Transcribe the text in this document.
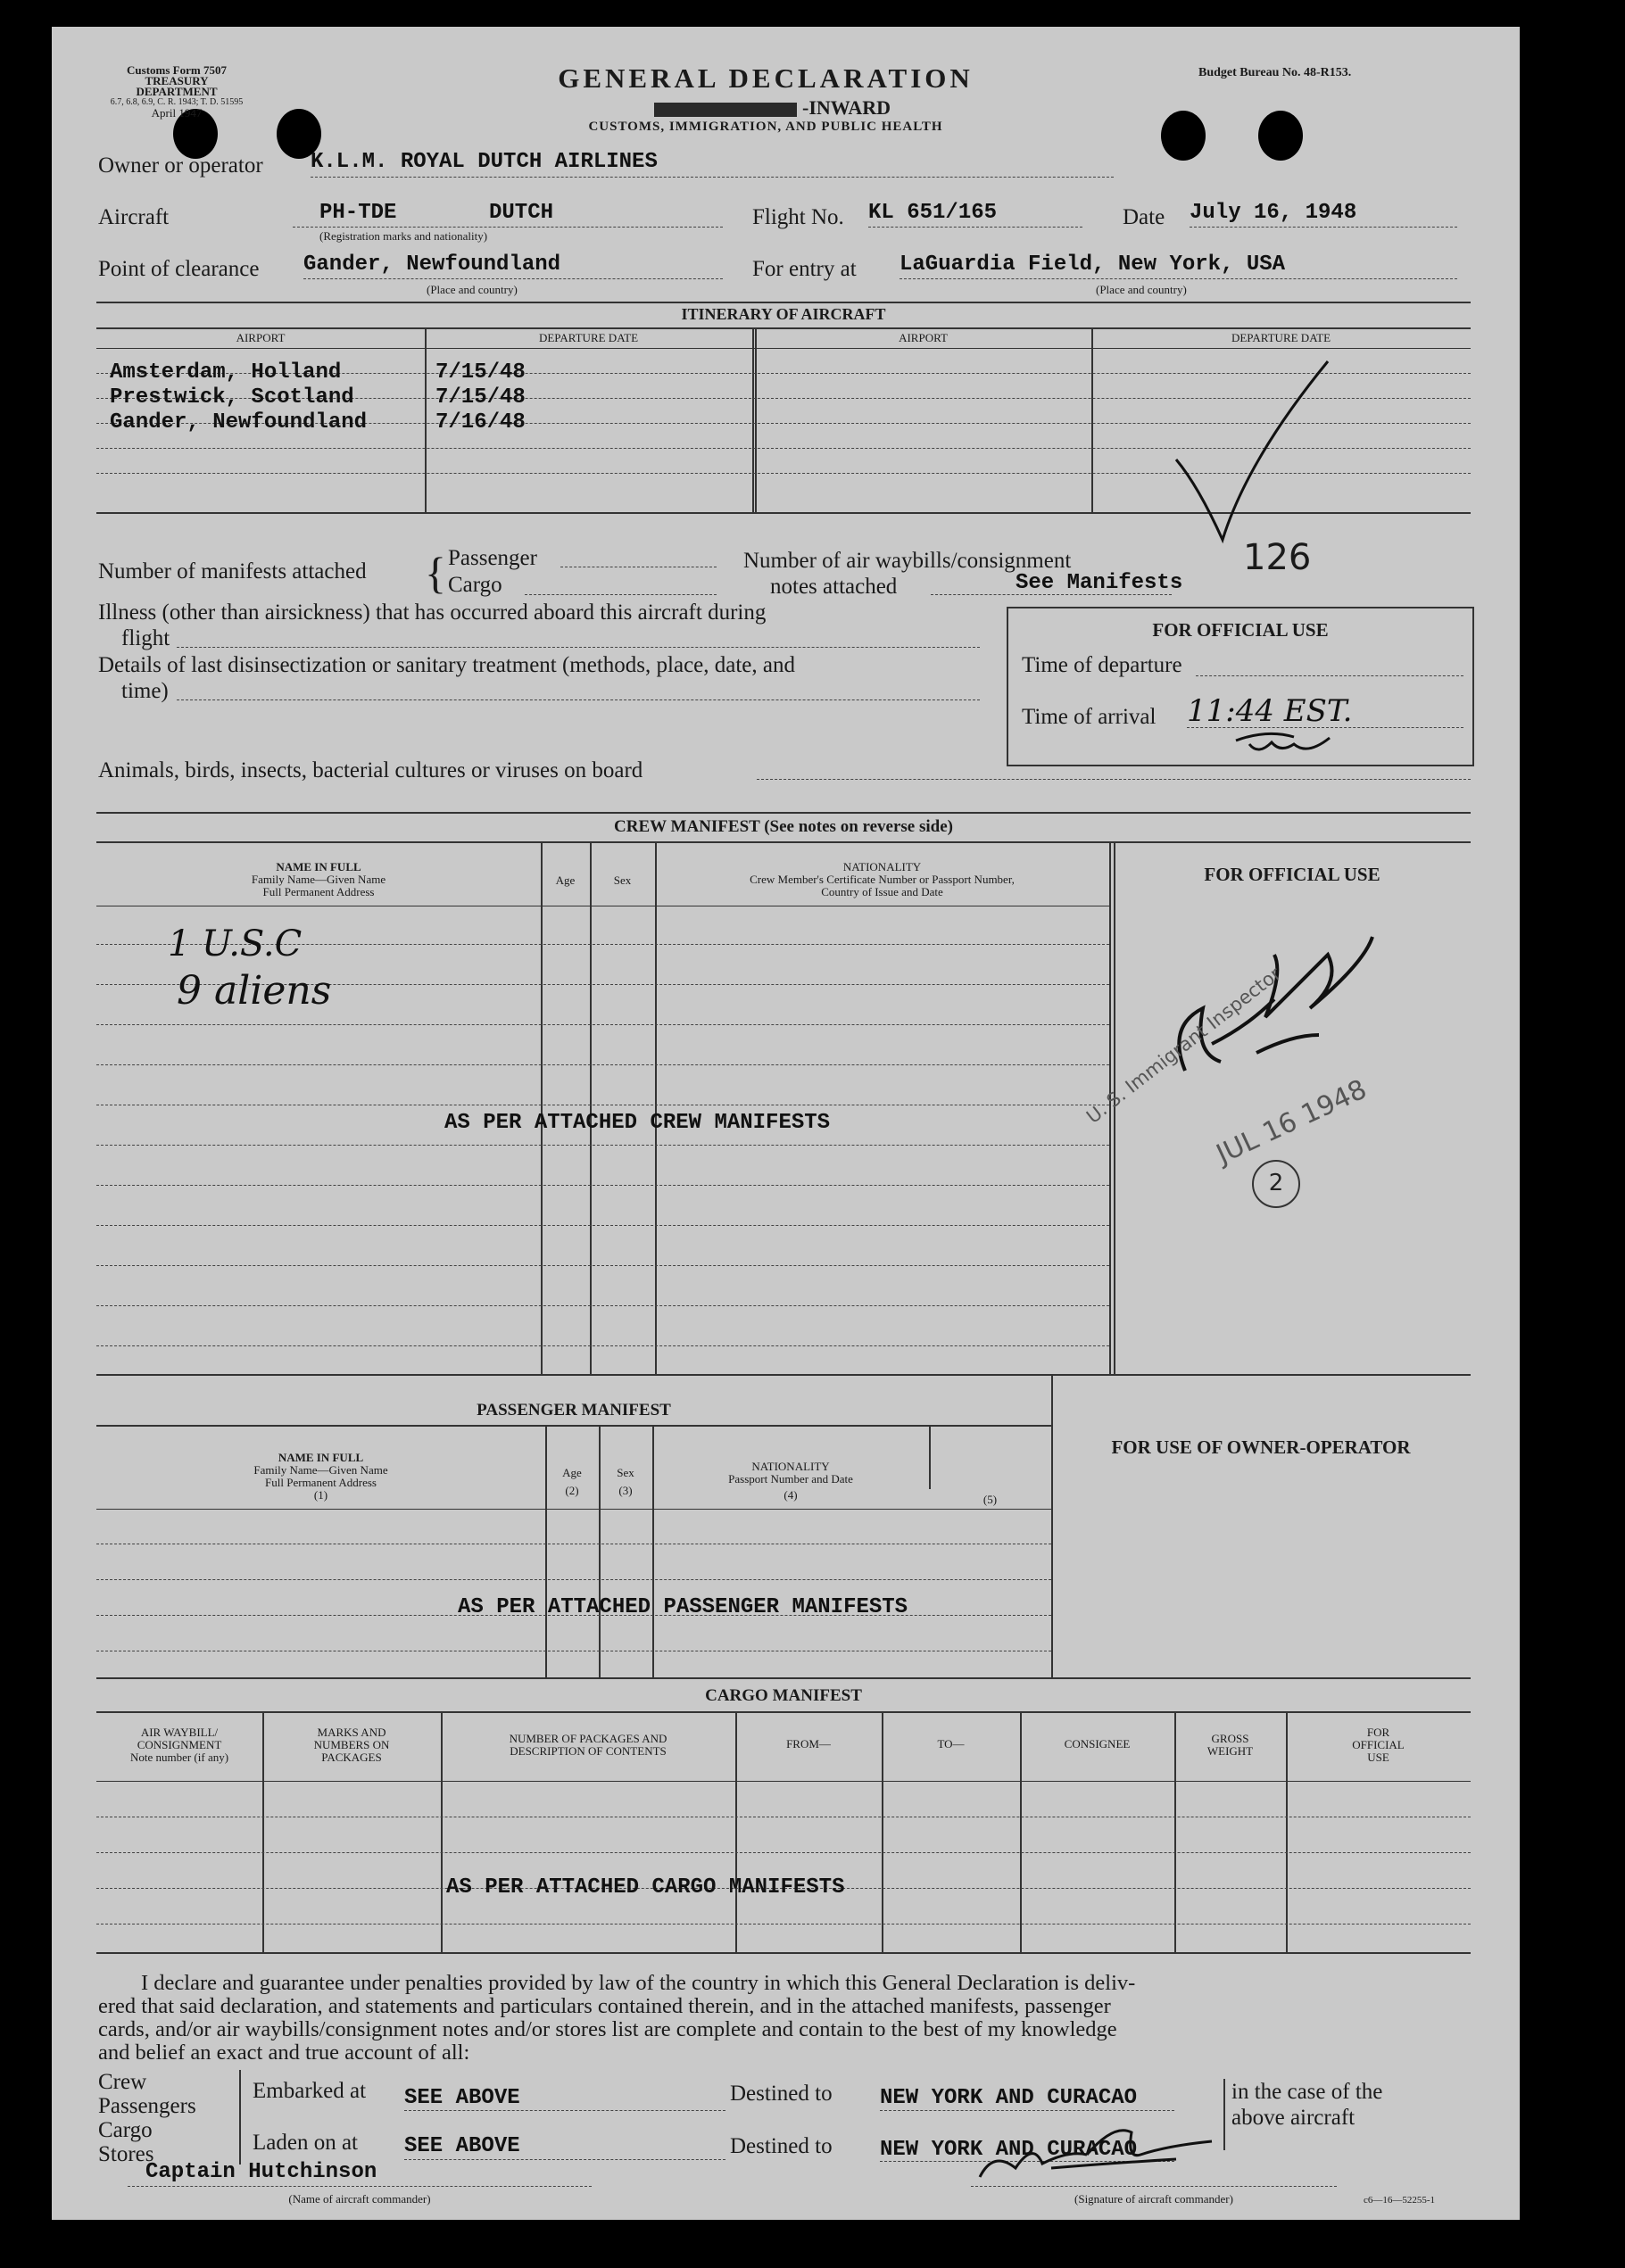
Customs Form 7507
TREASURY DEPARTMENT
6.7, 6.8, 6.9, C. R. 1943; T. D. 51595
April 1947
GENERAL DECLARATION
-INWARD
CUSTOMS, IMMIGRATION, AND PUBLIC HEALTH
Budget Bureau No. 48-R153.
Owner or operator K.L.M. ROYAL DUTCH AIRLINES
Aircraft	PH-TDE	DUTCH
(Registration marks and nationality)
Flight No. KL 651/165	Date July 16, 1948
Point of clearance Gander, Newfoundland
(Place and country)
For entry at LaGuardia Field, New York, USA
(Place and country)
ITINERARY OF AIRCRAFT
AIRPORT	DEPARTURE DATE	AIRPORT	DEPARTURE DATE
Amsterdam, Holland	7/15/48
Prestwick, Scotland	7/15/48
Gander, Newfoundland	7/16/48
Number of manifests attached { Passenger
Cargo
Number of air waybills/consignment
notes attached
126
See Manifests
Illness (other than airsickness) that has occurred aboard this aircraft during
flight
Details of last disinsectization or sanitary treatment (methods, place, date, and
time)
Animals, birds, insects, bacterial cultures or viruses on board
FOR OFFICIAL USE
Time of departure
Time of arrival 11:44 EST.
CREW MANIFEST (See notes on reverse side)
NAME IN FULL
Family Name—Given Name
Full Permanent Address
Age	Sex
NATIONALITY
Crew Member's Certificate Number or Passport Number,
Country of Issue and Date
FOR OFFICIAL USE
1 U.S.C
9 aliens
AS PER ATTACHED CREW MANIFESTS	U. S. Immigrant Inspector
JUL 16 1948
2
PASSENGER MANIFEST
FOR USE OF OWNER-OPERATOR
NAME IN FULL
Family Name—Given Name
Full Permanent Address
(1)
Age
(2)
Sex
(3)
NATIONALITY
Passport Number and Date
(4)	(5)
AS PER ATTACHED PASSENGER MANIFESTS
CARGO MANIFEST
AIR WAYBILL/
CONSIGNMENT
Note number (if any)
MARKS AND
NUMBERS ON
PACKAGES
NUMBER OF PACKAGES AND
DESCRIPTION OF CONTENTS
FROM—	TO—	CONSIGNEE	GROSS
WEIGHT
FOR
OFFICIAL
USE
AS PER ATTACHED CARGO MANIFESTS
I declare and guarantee under penalties provided by law of the country in which this General Declaration is deliv-
ered that said declaration, and statements and particulars contained therein, and in the attached manifests, passenger
cards, and/or air waybills/consignment notes and/or stores list are complete and contain to the best of my knowledge
and belief an exact and true account of all:
Crew
Passengers
Cargo
Stores
Embarked at SEE ABOVE
Laden on at SEE ABOVE
Destined to NEW YORK AND CURACAO
Destined to NEW YORK AND CURACAO
in the case of the
above aircraft
Captain Hutchinson
(Name of aircraft commander)	(Signature of aircraft commander)	c6—16—52255-1
